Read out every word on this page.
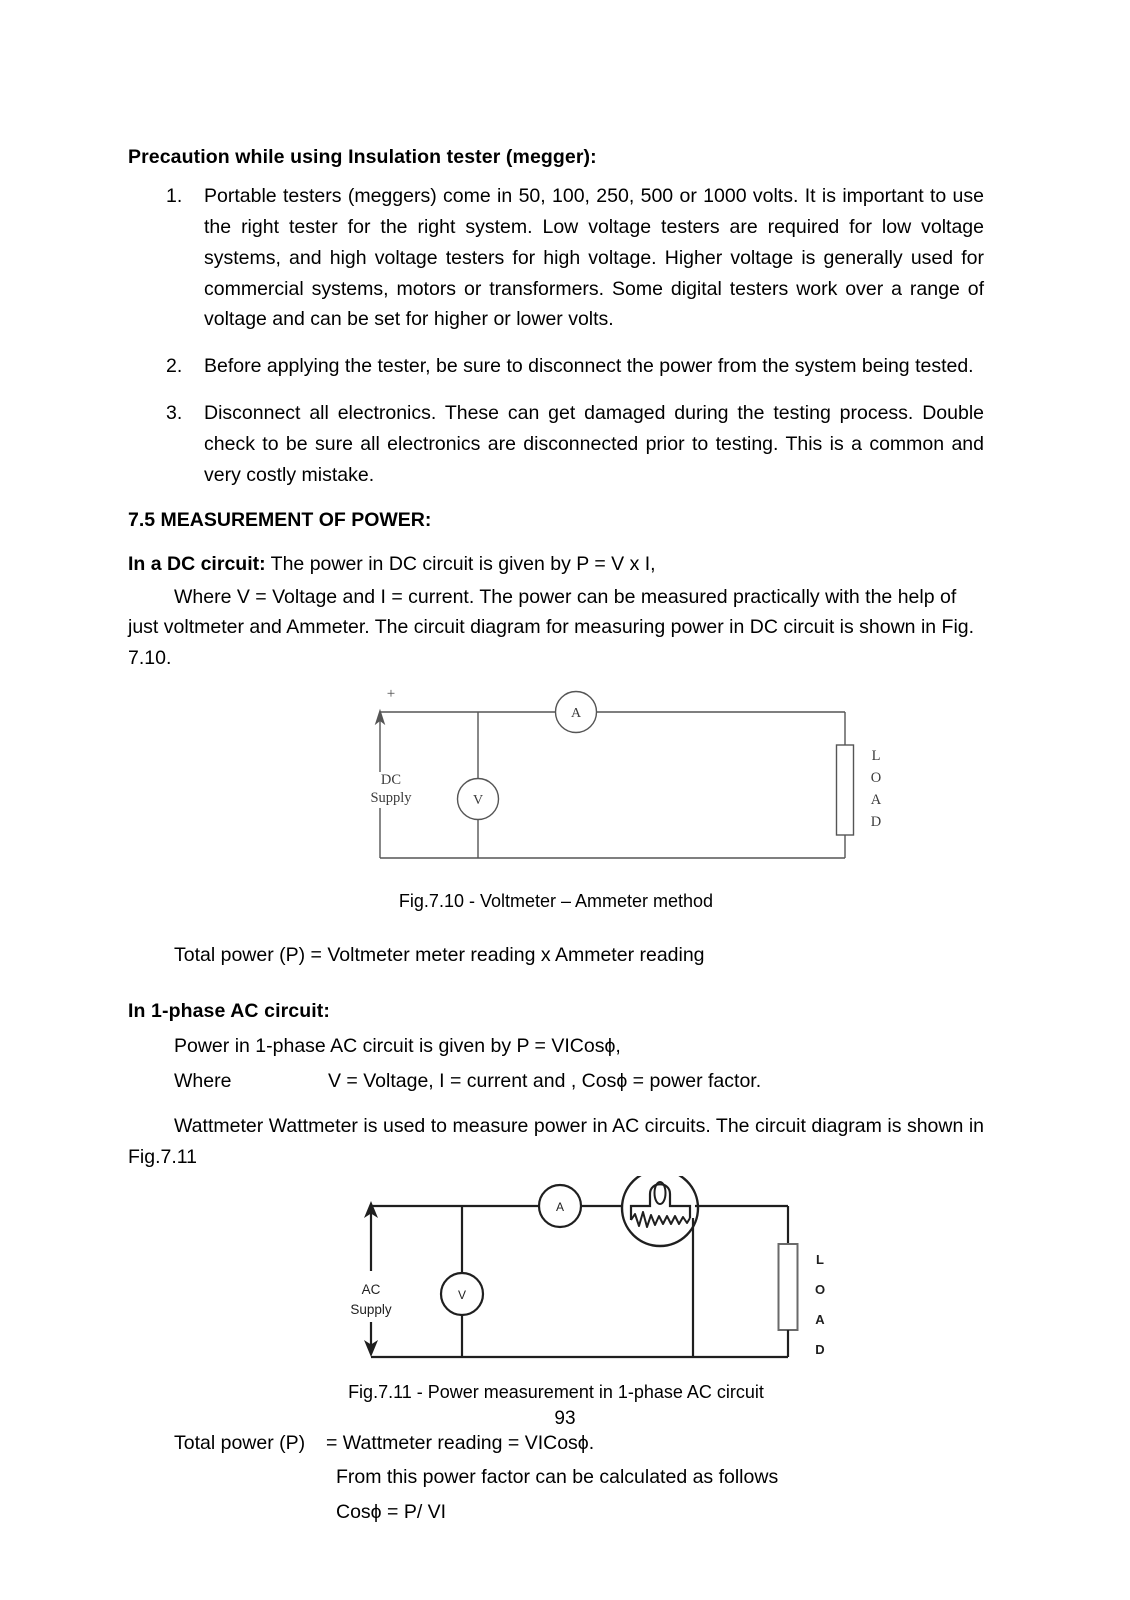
Precaution while using Insulation tester (megger):

1.	Portable testers (meggers) come in 50, 100, 250, 500 or 1000 volts. It is important to use the right tester for the right system. Low voltage testers are required for low voltage systems, and high voltage testers for high voltage. Higher voltage is generally used for commercial systems, motors or transformers. Some digital testers work over a range of voltage and can be set for higher or lower volts.
2.	Before applying the tester, be sure to disconnect the power from the system being tested.
3.	Disconnect all electronics. These can get damaged during the testing process. Double check to be sure all electronics are disconnected prior to testing. This is a common and very costly mistake.

7.5 MEASUREMENT OF POWER:

In a DC circuit: The power in DC circuit is given by P = V x I,

Where V = Voltage and I = current. The power can be measured practically with the help of just voltmeter and Ammeter. The circuit diagram for measuring power in DC circuit is shown in Fig. 7.10.

A
DC
Supply
+
V
L
O
A
D

Fig.7.10 - Voltmeter – Ammeter method

Total power (P) = Voltmeter meter reading x Ammeter reading

In 1-phase AC circuit:

Power in 1-phase AC circuit is given by P = VICosϕ,

Where	V = Voltage, I = current and , Cosϕ = power factor.

Wattmeter Wattmeter is used to measure power in AC circuits. The circuit diagram is shown in Fig.7.11

A
AC
Supply
V
L
O
A
D

Fig.7.11 - Power measurement in 1-phase AC circuit

Total power (P) = Wattmeter reading = VICosϕ.

From this power factor can be calculated as follows

Cosϕ = P/ VI

93
